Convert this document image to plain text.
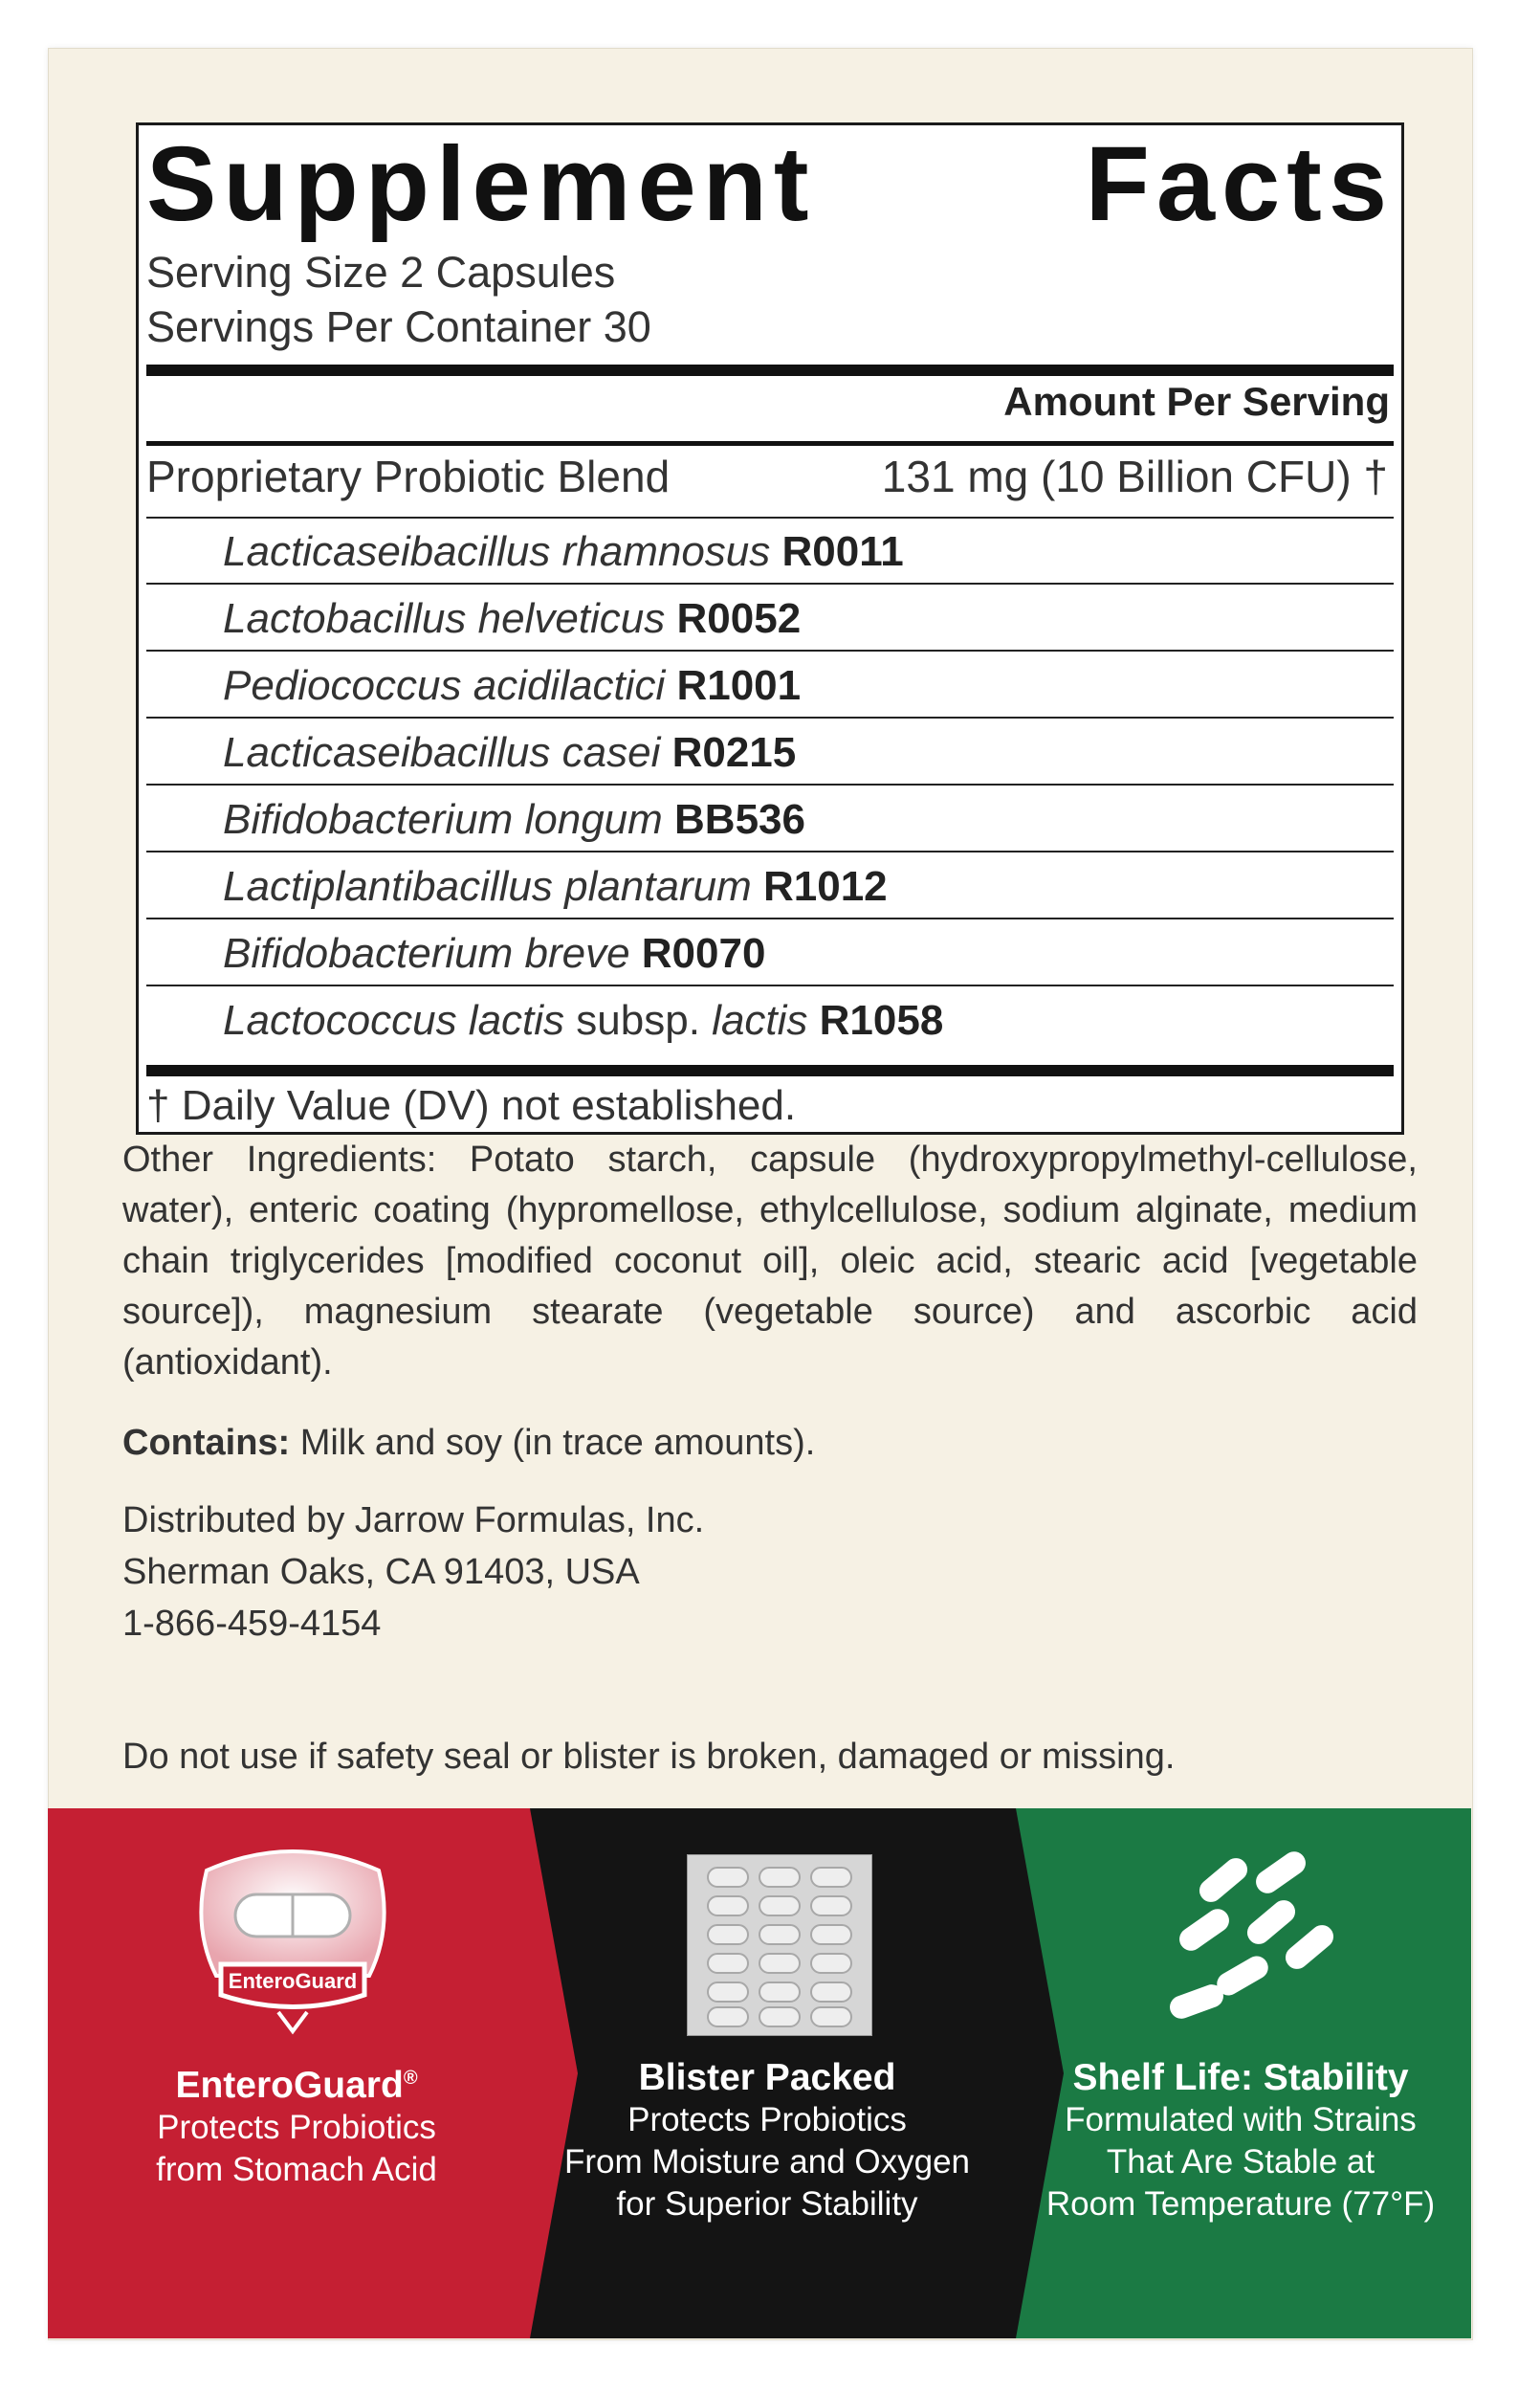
Supplement	Facts
Serving Size 2 Capsules
Servings Per Container 30
Amount Per Serving
Proprietary Probiotic Blend	131 mg (10 Billion CFU) †
Lacticaseibacillus rhamnosus R0011
Lactobacillus helveticus R0052
Pediococcus acidilactici R1001
Lacticaseibacillus casei R0215
Bifidobacterium longum BB536
Lactiplantibacillus plantarum R1012
Bifidobacterium breve R0070
Lactococcus lactis subsp. lactis R1058
† Daily Value (DV) not established.
Other Ingredients: Potato starch, capsule (hydroxypropylmethyl-cellulose, water), enteric coating (hypromellose, ethylcellulose, sodium alginate, medium chain triglycerides [modified coconut oil], oleic acid, stearic acid [vegetable source]), magnesium stearate (vegetable source) and ascorbic acid (antioxidant).
Contains: Milk and soy (in trace amounts).
Distributed by Jarrow Formulas, Inc.
Sherman Oaks, CA 91403, USA
1-866-459-4154
Do not use if safety seal or blister is broken, damaged or missing.
EnteroGuard
EnteroGuard®
Protects Probiotics
from Stomach Acid
Blister Packed
Protects Probiotics
From Moisture and Oxygen
for Superior Stability
Shelf Life: Stability
Formulated with Strains
That Are Stable at
Room Temperature (77°F)
